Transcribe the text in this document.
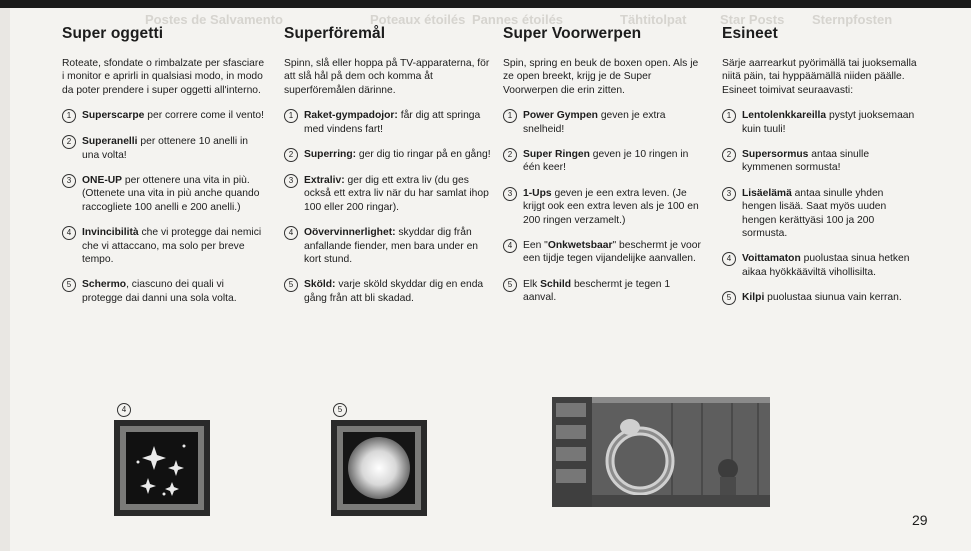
Star Posts Sternpfosten
Tähtitolpat
Pannes étoilés
Poteaux étoilés
Postes de Salvamento
Super oggetti

Roteate, sfondate o rimbalzate per sfasciare i monitor e aprirli in qualsiasi modo, in modo da poter prendere i super oggetti all'interno.

1	Superscarpe per correre come il vento!
2	Superanelli per ottenere 10 anelli in una volta!
3	ONE-UP per ottenere una vita in più. (Ottenete una vita in più anche quando raccogliete 100 anelli e 200 anelli.)
4	Invincibilità che vi protegge dai nemici che vi attaccano, ma solo per breve tempo.
5	Schermo, ciascuno dei quali vi protegge dai danni una sola volta.
Superföremål

Spinn, slå eller hoppa på TV-apparaterna, för att slå hål på dem och komma åt superföremålen därinne.

1	Raket-gympadojor: får dig att springa med vindens fart!
2	Superring: ger dig tio ringar på en gång!
3	Extraliv: ger dig ett extra liv (du ges också ett extra liv när du har samlat ihop 100 eller 200 ringar).
4	Oövervinnerlighet: skyddar dig från anfallande fiender, men bara under en kort stund.
5	Sköld: varje sköld skyddar dig en enda gång från att bli skadad.
Super Voorwerpen

Spin, spring en beuk de boxen open. Als je ze open breekt, krijg je de Super Voorwerpen die erin zitten.

1	Power Gympen geven je extra snelheid!
2	Super Ringen geven je 10 ringen in één keer!
3	1-Ups geven je een extra leven. (Je krijgt ook een extra leven als je 100 en 200 ringen verzamelt.)
4	Een "Onkwetsbaar" beschermt je voor een tijdje tegen vijandelijke aanvallen.
5	Elk Schild beschermt je tegen 1 aanval.
Esineet

Särje aarrearkut pyörimällä tai juoksemalla niitä päin, tai hyppäämällä niiden päälle. Esineet toimivat seuraavasti:

1	Lentolenkkareilla pystyt juoksemaan kuin tuuli!
2	Supersormus antaa sinulle kymmenen sormusta!
3	Lisäelämä antaa sinulle yhden hengen lisää. Saat myös uuden hengen kerättyäsi 100 ja 200 sormusta.
4	Voittamaton puolustaa sinua hetken aikaa hyökkääviltä vihollisilta.
5	Kilpi puolustaa siunua vain kerran.
4	5
29
